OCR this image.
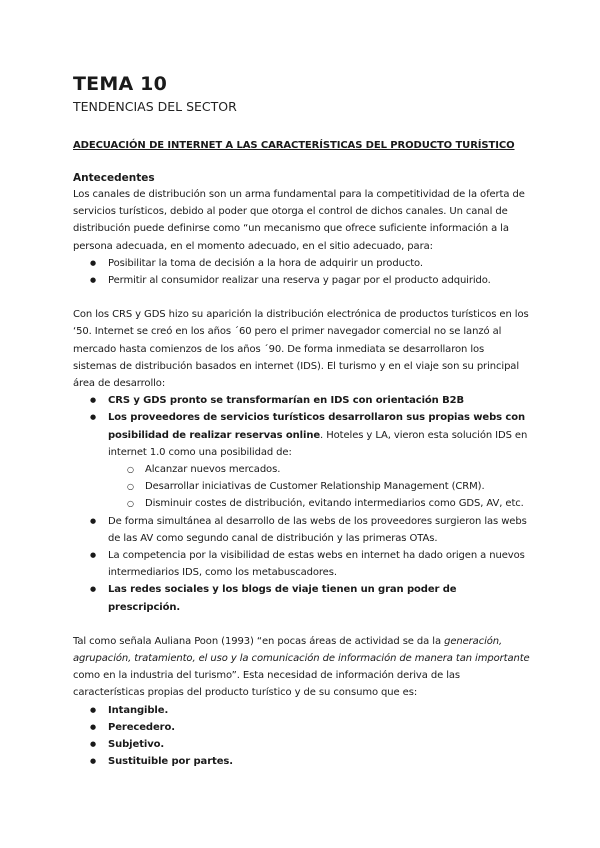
TEMA 10
TENDENCIAS DEL SECTOR
ADECUACIÓN DE INTERNET A LAS CARACTERÍSTICAS DEL PRODUCTO TURÍSTICO
Antecedentes

Los canales de distribución son un arma fundamental para la competitividad de la oferta de servicios turísticos, debido al poder que otorga el control de dichos canales. Un canal de distribución puede definirse como “un mecanismo que ofrece suficiente información a la persona adecuada, en el momento adecuado, en el sitio adecuado, para:

● Posibilitar la toma de decisión a la hora de adquirir un producto.
● Permitir al consumidor realizar una reserva y pagar por el producto adquirido.

Con los CRS y GDS hizo su aparición la distribución electrónica de productos turísticos en los ‘50. Internet se creó en los años ´60 pero el primer navegador comercial no se lanzó al mercado hasta comienzos de los años ´90. De forma inmediata se desarrollaron los sistemas de distribución basados en internet (IDS). El turismo y en el viaje son su principal área de desarrollo:

● CRS y GDS pronto se transformarían en IDS con orientación B2B
● Los proveedores de servicios turísticos desarrollaron sus propias webs con posibilidad de realizar reservas online. Hoteles y LA, vieron esta solución IDS en internet 1.0 como una posibilidad de:
○ Alcanzar nuevos mercados.
○ Desarrollar iniciativas de Customer Relationship Management (CRM).
○ Disminuir costes de distribución, evitando intermediarios como GDS, AV, etc.
● De forma simultánea al desarrollo de las webs de los proveedores surgieron las webs de las AV como segundo canal de distribución y las primeras OTAs.
● La competencia por la visibilidad de estas webs en internet ha dado origen a nuevos intermediarios IDS, como los metabuscadores.
● Las redes sociales y los blogs de viaje tienen un gran poder de prescripción.

Tal como señala Auliana Poon (1993) “en pocas áreas de actividad se da la generación, agrupación, tratamiento, el uso y la comunicación de información de manera tan importante como en la industria del turismo”. Esta necesidad de información deriva de las características propias del producto turístico y de su consumo que es:

● Intangible.
● Perecedero.
● Subjetivo.
● Sustituible por partes.
